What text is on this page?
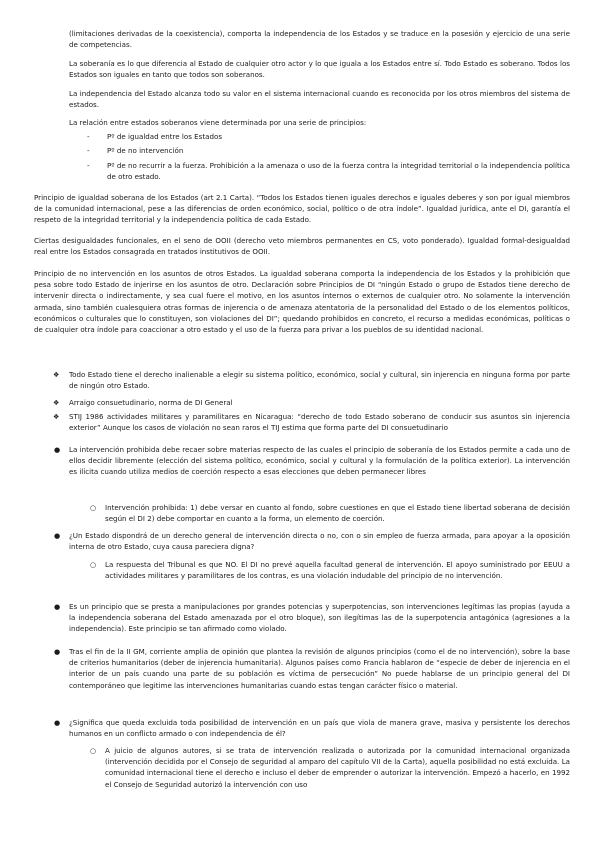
(limitaciones derivadas de la coexistencia), comporta la independencia de los Estados y se traduce en la posesión y ejercicio de una serie de competencias.

La soberanía es lo que diferencia al Estado de cualquier otro actor y lo que iguala a los Estados entre sí. Todo Estado es soberano. Todos los Estados son iguales en tanto que todos son soberanos.

La independencia del Estado alcanza todo su valor en el sistema internacional cuando es reconocida por los otros miembros del sistema de estados.

La relación entre estados soberanos viene determinada por una serie de principios:

-	Pº de igualdad entre los Estados
-	Pº de no intervención
-	Pº de no recurrir a la fuerza. Prohibición a la amenaza o uso de la fuerza contra la integridad territorial o la independencia política de otro estado.

Principio de igualdad soberana de los Estados (art 2.1 Carta). “Todos los Estados tienen iguales derechos e iguales deberes y son por igual miembros de la comunidad internacional, pese a las diferencias de orden económico, social, político o de otra índole”. Igualdad jurídica, ante el DI, garantía el respeto de la integridad territorial y la independencia política de cada Estado.

Ciertas desigualdades funcionales, en el seno de OOII (derecho veto miembros permanentes en CS, voto ponderado). Igualdad formal-desigualdad real entre los Estados consagrada en tratados institutivos de OOII.

Principio de no intervención en los asuntos de otros Estados. La igualdad soberana comporta la independencia de los Estados y la prohibición que pesa sobre todo Estado de injerirse en los asuntos de otro. Declaración sobre Principios de DI “ningún Estado o grupo de Estados tiene derecho de intervenir directa o indirectamente, y sea cual fuere el motivo, en los asuntos internos o externos de cualquier otro. No solamente la intervención armada, sino también cualesquiera otras formas de injerencia o de amenaza atentatoria de la personalidad del Estado o de los elementos políticos, económicos o culturales que lo constituyen, son violaciones del DI”; quedando prohibidos en concreto, el recurso a medidas económicas, políticas o de cualquier otra índole para coaccionar a otro estado y el uso de la fuerza para privar a los pueblos de su identidad nacional.

❖ Todo Estado tiene el derecho inalienable a elegir su sistema político, económico, social y cultural, sin injerencia en ninguna forma por parte de ningún otro Estado.
❖ Arraigo consuetudinario, norma de DI General
❖ STIJ 1986 actividades militares y paramilitares en Nicaragua: “derecho de todo Estado soberano de conducir sus asuntos sin injerencia exterior” Aunque los casos de violación no sean raros el TIJ estima que forma parte del DI consuetudinario
● La intervención prohibida debe recaer sobre materias respecto de las cuales el principio de soberanía de los Estados permite a cada uno de ellos decidir libremente (elección del sistema político, económico, social y cultural y la formulación de la política exterior). La intervención es ilícita cuando utiliza medios de coerción respecto a esas elecciones que deben permanecer libres
○ Intervención prohibida: 1) debe versar en cuanto al fondo, sobre cuestiones en que el Estado tiene libertad soberana de decisión según el DI 2) debe comportar en cuanto a la forma, un elemento de coerción.
● ¿Un Estado dispondrá de un derecho general de intervención directa o no, con o sin empleo de fuerza armada, para apoyar a la oposición interna de otro Estado, cuya causa pareciera digna?
○ La respuesta del Tribunal es que NO. El DI no prevé aquella facultad general de intervención. El apoyo suministrado por EEUU a actividades militares y paramilitares de los contras, es una violación indudable del principio de no intervención.
● Es un principio que se presta a manipulaciones por grandes potencias y superpotencias, son intervenciones legítimas las propias (ayuda a la independencia soberana del Estado amenazada por el otro bloque), son ilegítimas las de la superpotencia antagónica (agresiones a la independencia). Este principio se tan afirmado como violado.
● Tras el fin de la II GM, corriente amplia de opinión que plantea la revisión de algunos principios (como el de no intervención), sobre la base de criterios humanitarios (deber de injerencia humanitaria). Algunos países como Francia hablaron de “especie de deber de injerencia en el interior de un país cuando una parte de su población es víctima de persecución” No puede hablarse de un principio general del DI contemporáneo que legitime las intervenciones humanitarias cuando estas tengan carácter físico o material.
● ¿Significa que queda excluida toda posibilidad de intervención en un país que viola de manera grave, masiva y persistente los derechos humanos en un conflicto armado o con independencia de él?
○ A juicio de algunos autores, si se trata de intervención realizada o autorizada por la comunidad internacional organizada (intervención decidida por el Consejo de seguridad al amparo del capítulo VII de la Carta), aquella posibilidad no está excluida. La comunidad internacional tiene el derecho e incluso el deber de emprender o autorizar la intervención. Empezó a hacerlo, en 1992 el Consejo de Seguridad autorizó la intervención con uso
